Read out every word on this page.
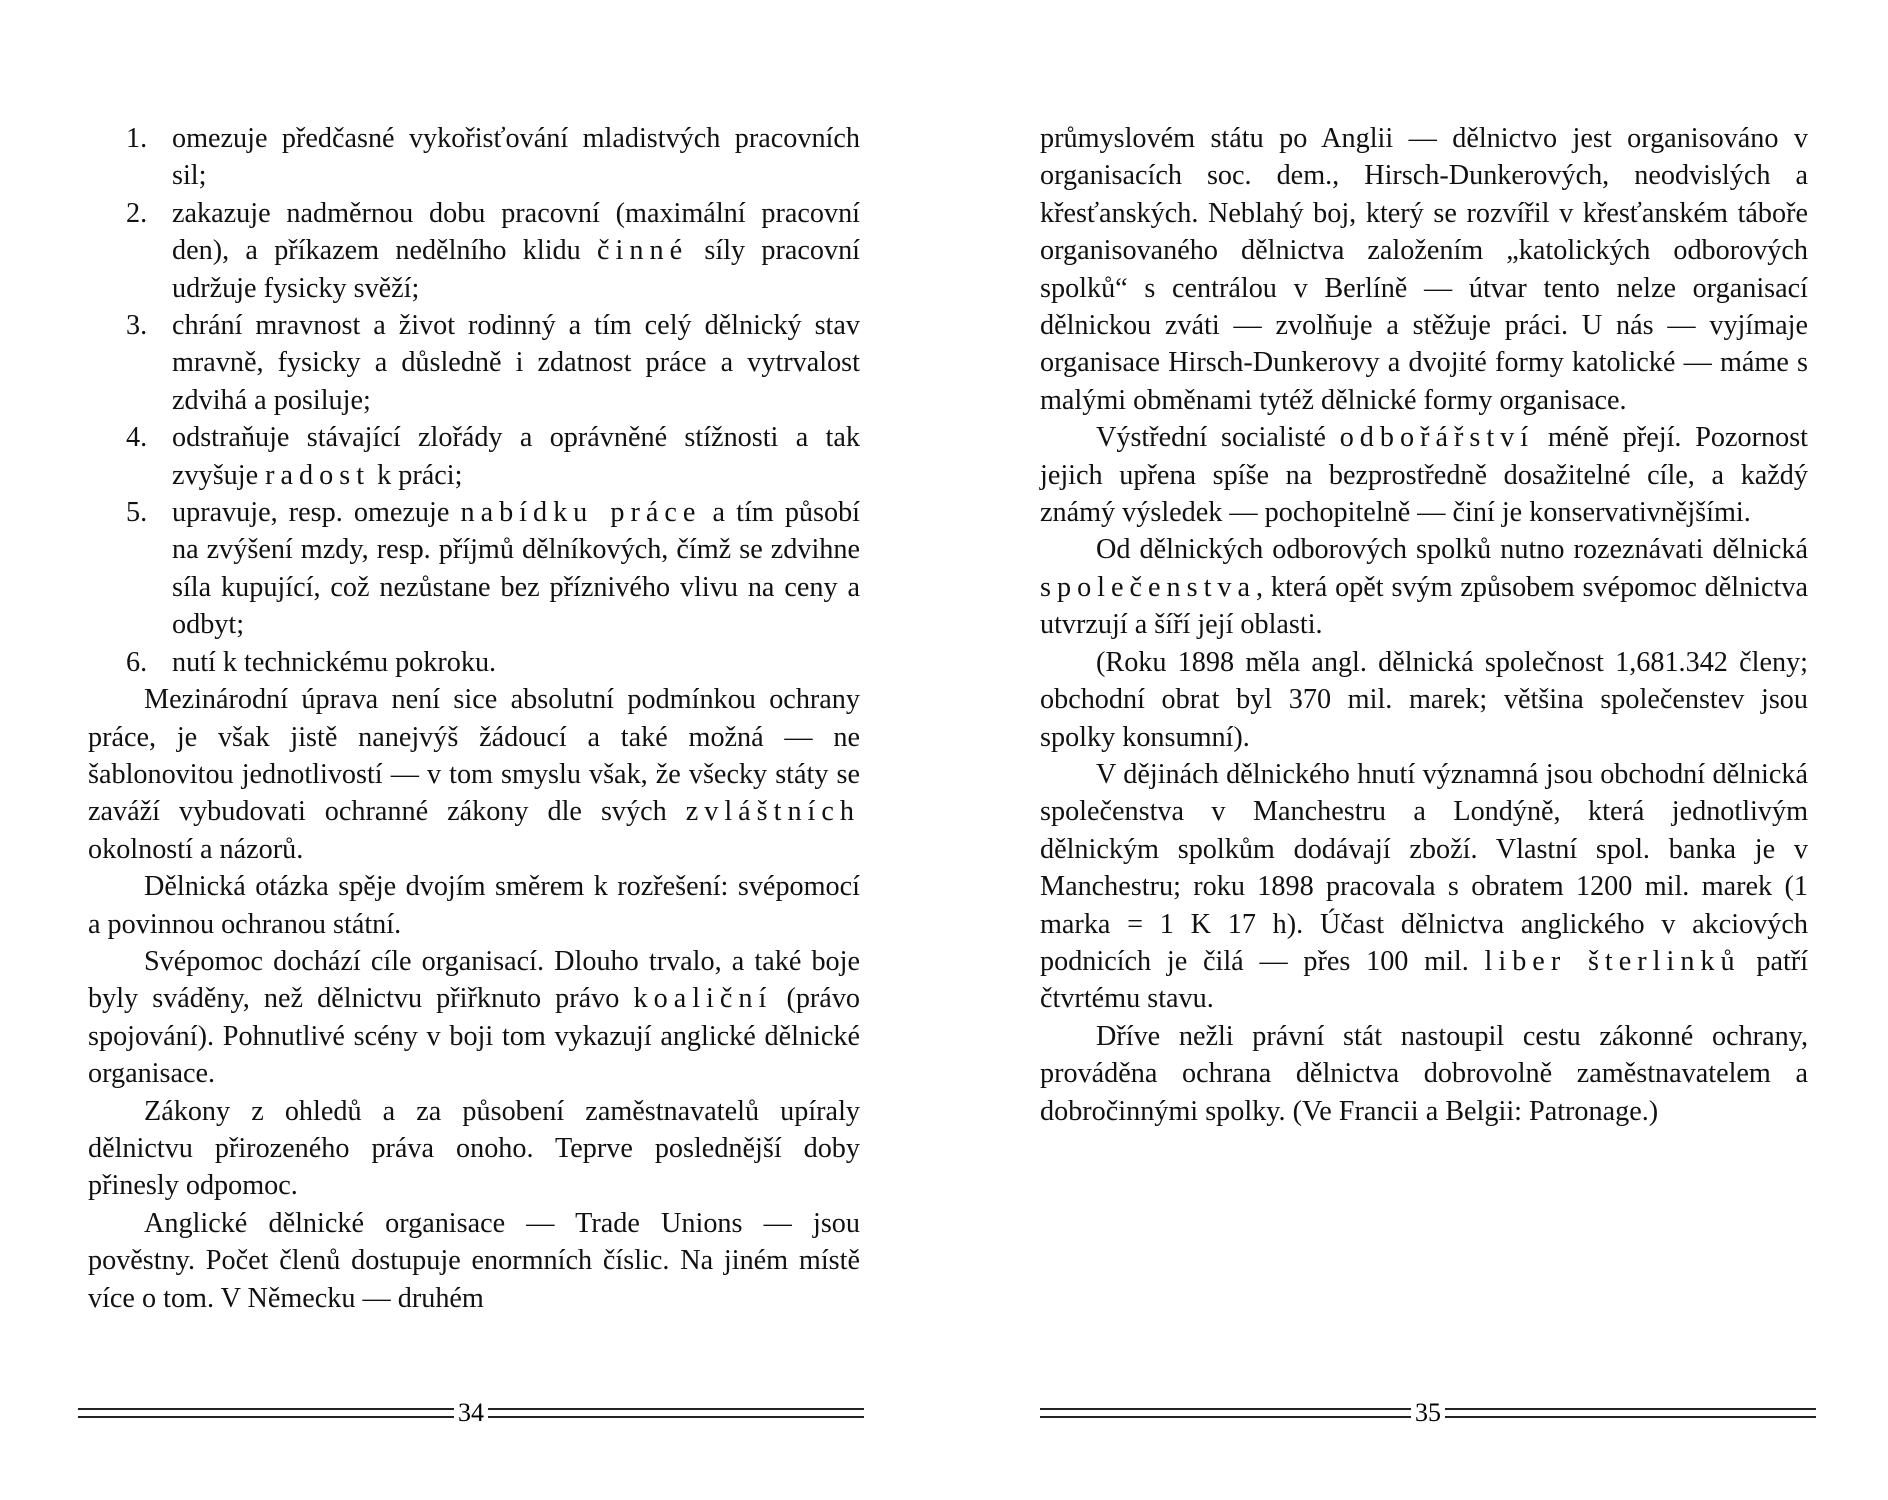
1. omezuje předčasné vykořisťování mladistvých pracovních sil;
2. zakazuje nadměrnou dobu pracovní (maximální pracovní den), a příkazem nedělního klidu činné síly pracovní udržuje fysicky svěží;
3. chrání mravnost a život rodinný a tím celý dělnický stav mravně, fysicky a důsledně i zdatnost práce a vytrvalost zdvihá a posiluje;
4. odstraňuje stávající zlořády a oprávněné stížnosti a tak zvyšuje radost k práci;
5. upravuje, resp. omezuje nabídku práce a tím působí na zvýšení mzdy, resp. příjmů dělníkových, čímž se zdvihne síla kupující, což nezůstane bez příznivého vlivu na ceny a odbyt;
6. nutí k technickému pokroku.

Mezinárodní úprava není sice absolutní podmínkou ochrany práce, je však jistě nanejvýš žádoucí a také možná — ne šablonovitou jednotlivostí — v tom smyslu však, že všecky státy se zaváží vybudovati ochranné zákony dle svých zvláštních okolností a názorů.

Dělnická otázka spěje dvojím směrem k rozřešení: svépomocí a povinnou ochranou státní.

Svépomoc dochází cíle organisací. Dlouho trvalo, a také boje byly sváděny, než dělnictvu přiřknuto právo koaliční (právo spojování). Pohnutlivé scény v boji tom vykazují anglické dělnické organisace.

Zákony z ohledů a za působení zaměstnavatelů upíraly dělnictvu přirozeného práva onoho. Teprve poslednější doby přinesly odpomoc.

Anglické dělnické organisace — Trade Unions — jsou pověstny. Počet členů dostupuje enormních číslic. Na jiném místě více o tom. V Německu — druhém

34

průmyslovém státu po Anglii — dělnictvo jest organisováno v organisacích soc. dem., Hirsch-Dunkerových, neodvislých a křesťanských. Neblahý boj, který se rozvířil v křesťanském táboře organisovaného dělnictva založením „katolických odborových spolků“ s centrálou v Berlíně — útvar tento nelze organisací dělnickou zváti — zvolňuje a stěžuje práci. U nás — vyjímaje organisace Hirsch-Dunkerovy a dvojité formy katolické — máme s malými obměnami tytéž dělnické formy organisace.

Výstřední socialisté odbořářství méně přejí. Pozornost jejich upřena spíše na bezprostředně dosažitelné cíle, a každý známý výsledek — pochopitelně — činí je konservativnějšími.

Od dělnických odborových spolků nutno rozeznávati dělnická společenstva, která opět svým způsobem svépomoc dělnictva utvrzují a šíří její oblasti.

(Roku 1898 měla angl. dělnická společnost 1,681.342 členy; obchodní obrat byl 370 mil. marek; většina společenstev jsou spolky konsumní).

V dějinách dělnického hnutí významná jsou obchodní dělnická společenstva v Manchestru a Londýně, která jednotlivým dělnickým spolkům dodávají zboží. Vlastní spol. banka je v Manchestru; roku 1898 pracovala s obratem 1200 mil. marek (1 marka = 1 K 17 h). Účast dělnictva anglického v akciových podnicích je čilá — přes 100 mil. liber šterlinků patří čtvrtému stavu.

Dříve nežli právní stát nastoupil cestu zákonné ochrany, prováděna ochrana dělnictva dobrovolně zaměstnavatelem a dobročinnými spolky. (Ve Francii a Belgii: Patronage.)

35
